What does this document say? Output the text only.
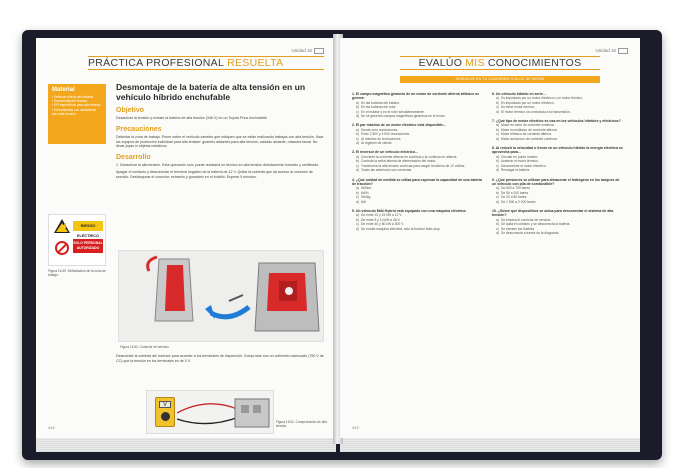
Unidad 16
PRÁCTICA PROFESIONAL RESUELTA
Material
• Vehículo híbrido enchufable
• Documentación técnica
• EPI específicos para alta tensión
• Herramientas con aislamiento para alta tensión
⚡	RIESGO ELÉCTRICO
SOLO PERSONAL AUTORIZADO
Figura 16.49. Señalización de la zona de trabajo.
Desmontaje de la batería de alta tensión en un vehículo híbrido enchufable
Objetivo

Desactivar la tensión y extraer la batería de alta tensión (346 V) en un Toyota Prius enchufable.

Precauciones

Delimitar la zona de trabajo. Poner sobre el vehículo carteles que indiquen que se están realizando trabajos con alta tensión. Usar los equipos de protección individual para alta tensión: guantes aislantes para alta tensión, calzado aislante, máscara facial. No llevar joyas ni objetos metálicos.

Desarrollo

1. Desactivar la alta tensión. Esta operación solo puede realizarla un técnico en alta tensión debidamente formado y certificado.

Apagar el contacto y desconectar el terminal negativo de la batería de 12 V. Quitar la cubierta que da acceso al conector de servicio. Desbloquear el conector, extraerlo y guardarlo en el bolsillo. Esperar 5 minutos.

Figura 16.50. Conector de servicio.

Desmontar la cubierta del inversor para acceder a los terminales de inspección. Comprobar con un voltímetro adecuado (750 V de CC) que la tensión en los terminales es de 0 V.

V
Figura 16.51. Comprobación de alta tensión.
448
Unidad 16
EVALÚO MIS CONOCIMIENTOS
RESUELVE EN TU CUADERNO O BLOC DE NOTAS
1. El campo magnético giratorio de un motor de corriente alterna trifásico se genera:
a) En las bobinas del estátor.
b) En las bobinas del rotor.
c) En el estátor y en el rotor simultáneamente.
d) No se generan campos magnéticos giratorios en el motor.
2. El par máximo de un motor eléctrico está disponible...
a) Desde cero revoluciones.
b) Entre 2 500 y 3 500 revoluciones.
c) Al máximo de revoluciones.
d) Al régimen de ralentí.
3. El inversor de un vehículo eléctrico...
a) Convierte la corriente alterna en continua y la continua en alterna.
b) Controla la señal alterna de alimentación del motor.
c) Transforma la alta tensión continua para cargar la batería de 12 voltios.
d) Todas las anteriores son correctas.
4. ¿Qué unidad de medida se utiliza para expresar la capacidad de una batería de tracción?
a) kW/km.
b) kW/h.
c) Wh/kg.
d) kW.
5. Un vehículo Mild Hybrid está equipado con una máquina eléctrica:
a) De entre 10 y 15 kW a 12 V.
b) De entre 8 y 14 kW a 48 V.
c) De entre 40 y 80 kW a 300 V.
d) No monta máquina eléctrica, sólo la función start-stop.
6. Un vehículo híbrido en serie...
a) Es impulsado por un motor eléctrico o un motor térmico.
b) Es impulsado por un motor eléctrico.
c) No tiene motor térmico.
d) El motor térmico va conectado a la transmisión.
7. ¿Qué tipo de motor eléctrico se usa en los vehículos híbridos y eléctricos?
a) Motor en serie de corriente continua.
b) Motor monofásico de corriente alterna.
c) Motor trifásico de corriente alterna.
d) Motor asíncrono de corriente continua.
8. Al reducir la velocidad o frenar en un vehículo híbrido la energía eléctrica se aprovecha para...
a) Circular en punto muerto.
b) Acelerar el motor térmico.
c) Desconectar el motor eléctrico.
d) Recargar la batería.
9. ¿Qué presiones se utilizan para almacenar el hidrógeno en los tanques de un vehículo con pila de combustible?
a) De 500 a 700 bares.
b) De 50 a 100 bares.
c) De 20 a 80 bares.
d) De 1 500 a 2 000 bares.
10. ¿Sobre qué dispositivos se actúa para desconectar el sistema de alta tensión?
a) Se ensaca el conector de servicio.
b) Se quita el contacto y se desconecta la batería.
c) Se extraen los fusibles.
d) Se desconecta a través de la diagnosis.
449
